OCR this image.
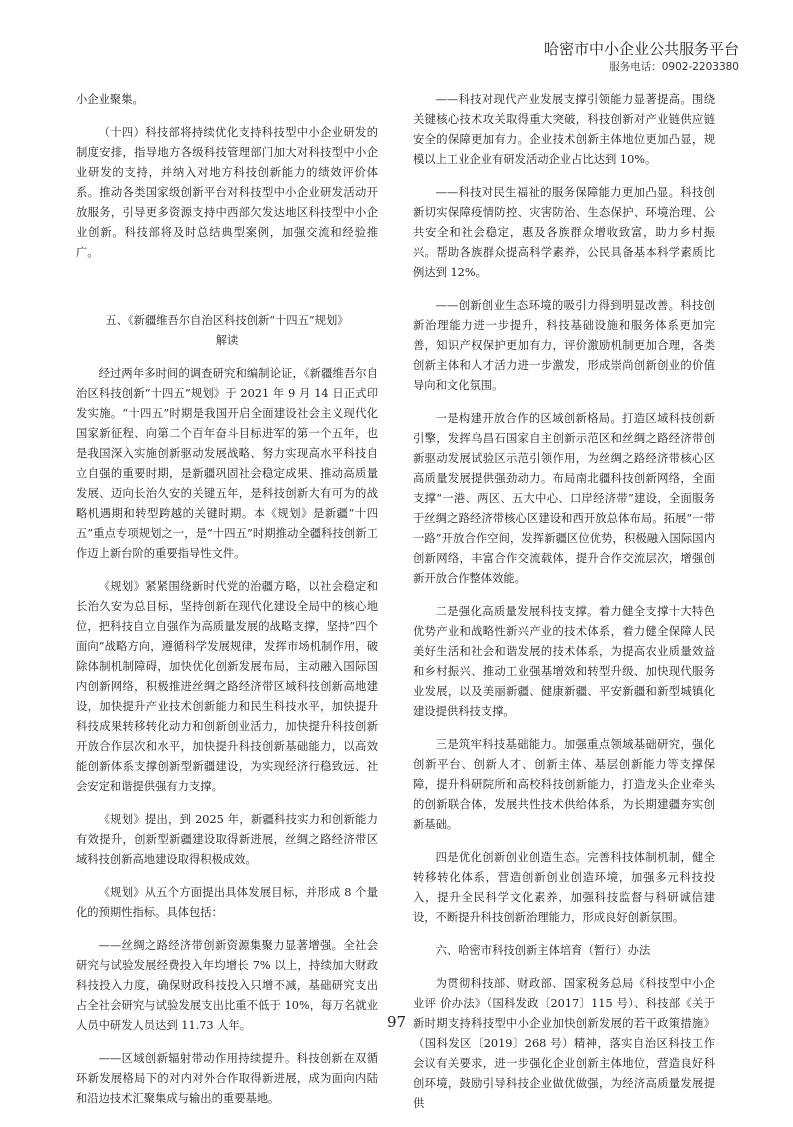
哈密市中小企业公共服务平台
服务电话：0902-2203380

小企业聚集。

（十四）科技部将持续优化支持科技型中小企业研发的制度安排，指导地方各级科技管理部门加大对科技型中小企业研发的支持，并纳入对地方科技创新能力的绩效评价体系。推动各类国家级创新平台对科技型中小企业研发活动开放服务，引导更多资源支持中西部欠发达地区科技型中小企业创新。科技部将及时总结典型案例，加强交流和经验推广。

五、《新疆维吾尔自治区科技创新“十四五”规划》
解读

经过两年多时间的调查研究和编制论证，《新疆维吾尔自治区科技创新“十四五”规划》于 2021 年 9 月 14 日正式印发实施。“十四五”时期是我国开启全面建设社会主义现代化国家新征程、向第二个百年奋斗目标进军的第一个五年，也是我国深入实施创新驱动发展战略、努力实现高水平科技自立自强的重要时期，是新疆巩固社会稳定成果、推动高质量发展、迈向长治久安的关键五年，是科技创新大有可为的战略机遇期和转型跨越的关键时期。本《规划》是新疆“十四五”重点专项规划之一，是“十四五”时期推动全疆科技创新工作迈上新台阶的重要指导性文件。

《规划》紧紧围绕新时代党的治疆方略，以社会稳定和长治久安为总目标，坚持创新在现代化建设全局中的核心地位，把科技自立自强作为高质量发展的战略支撑，坚持“四个面向”战略方向，遵循科学发展规律，发挥市场机制作用，破除体制机制障碍，加快优化创新发展布局，主动融入国际国内创新网络，积极推进丝绸之路经济带区域科技创新高地建设，加快提升产业技术创新能力和民生科技水平，加快提升科技成果转移转化动力和创新创业活力，加快提升科技创新开放合作层次和水平，加快提升科技创新基础能力，以高效能创新体系支撑创新型新疆建设，为实现经济行稳致远、社会安定和谐提供强有力支撑。

《规划》提出，到 2025 年，新疆科技实力和创新能力有效提升，创新型新疆建设取得新进展，丝绸之路经济带区域科技创新高地建设取得积极成效。

《规划》从五个方面提出具体发展目标，并形成 8 个量化的预期性指标。具体包括：

——丝绸之路经济带创新资源集聚力显著增强。全社会研究与试验发展经费投入年均增长 7% 以上，持续加大财政科技投入力度，确保财政科技投入只增不减，基础研究支出占全社会研究与试验发展支出比重不低于 10%，每万名就业人员中研发人员达到 11.73 人年。

——区域创新辐射带动作用持续提升。科技创新在双循环新发展格局下的对内对外合作取得新进展，成为面向内陆和沿边技术汇聚集成与输出的重要基地。

——科技对现代产业发展支撑引领能力显著提高。围绕关键核心技术攻关取得重大突破，科技创新对产业链供应链安全的保障更加有力。企业技术创新主体地位更加凸显，规模以上工业企业有研发活动企业占比达到 10%。

——科技对民生福祉的服务保障能力更加凸显。科技创新切实保障疫情防控、灾害防治、生态保护、环境治理、公共安全和社会稳定，惠及各族群众增收致富，助力乡村振兴。帮助各族群众提高科学素养，公民具备基本科学素质比例达到 12%。

——创新创业生态环境的吸引力得到明显改善。科技创新治理能力进一步提升，科技基础设施和服务体系更加完善，知识产权保护更加有力，评价激励机制更加合理，各类创新主体和人才活力进一步激发，形成崇尚创新创业的价值导向和文化氛围。

一是构建开放合作的区域创新格局。打造区域科技创新引擎，发挥乌昌石国家自主创新示范区和丝绸之路经济带创新驱动发展试验区示范引领作用，为丝绸之路经济带核心区高质量发展提供强劲动力。布局南北疆科技创新网络，全面支撑“一港、两区、五大中心、口岸经济带”建设，全面服务于丝绸之路经济带核心区建设和西开放总体布局。拓展“一带一路”开放合作空间，发挥新疆区位优势，积极融入国际国内创新网络，丰富合作交流载体，提升合作交流层次，增强创新开放合作整体效能。

二是强化高质量发展科技支撑。着力健全支撑十大特色优势产业和战略性新兴产业的技术体系，着力健全保障人民美好生活和社会和谐发展的技术体系，为提高农业质量效益和乡村振兴、推动工业强基增效和转型升级、加快现代服务业发展，以及美丽新疆、健康新疆、平安新疆和新型城镇化建设提供科技支撑。

三是筑牢科技基础能力。加强重点领域基础研究，强化创新平台、创新人才、创新主体、基层创新能力等支撑保障，提升科研院所和高校科技创新能力，打造龙头企业牵头的创新联合体，发展共性技术供给体系，为长期建疆夯实创新基础。

四是优化创新创业创造生态。完善科技体制机制，健全转移转化体系，营造创新创业创造环境，加强多元科技投入，提升全民科学文化素养，加强科技监督与科研诚信建设，不断提升科技创新治理能力，形成良好创新氛围。

六、哈密市科技创新主体培育（暂行）办法

为贯彻科技部、财政部、国家税务总局《科技型中小企业评 价办法》（国科发政〔2017〕115 号）、科技部《关于新时期支持科技型中小企业加快创新发展的若干政策措施》（国科发区〔2019〕268 号）精神，落实自治区科技工作会议有关要求，进一步强化企业创新主体地位，营造良好科创环境，鼓励引导科技企业做优做强，为经济高质量发展提供

97
